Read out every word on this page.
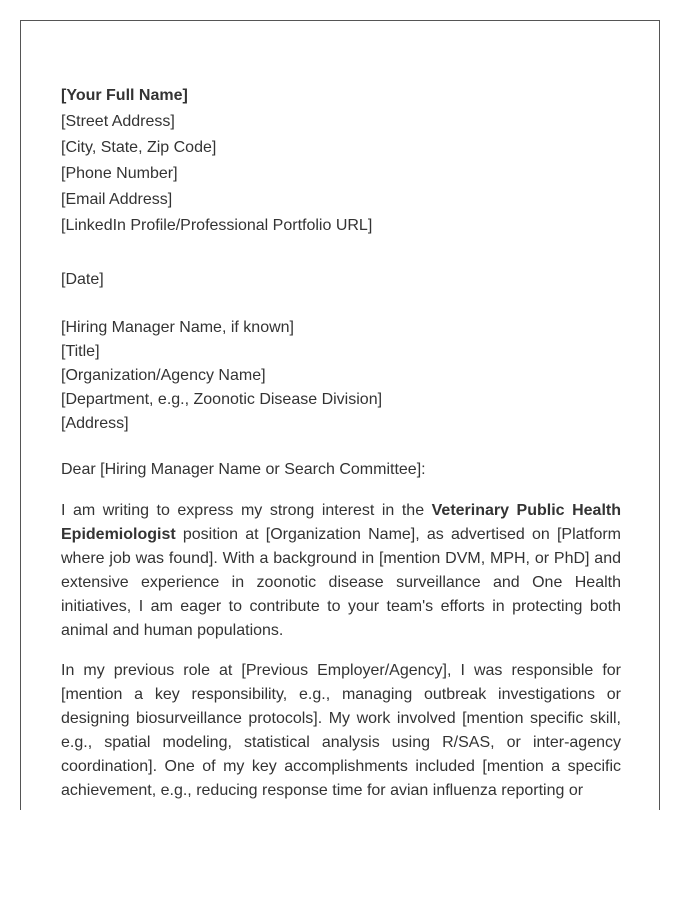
[Your Full Name]
[Street Address]
[City, State, Zip Code]
[Phone Number]
[Email Address]
[LinkedIn Profile/Professional Portfolio URL]
[Date]
[Hiring Manager Name, if known]
[Title]
[Organization/Agency Name]
[Department, e.g., Zoonotic Disease Division]
[Address]

Dear [Hiring Manager Name or Search Committee]:

I am writing to express my strong interest in the Veterinary Public Health Epidemiologist position at [Organization Name], as advertised on [Platform where job was found]. With a background in [mention DVM, MPH, or PhD] and extensive experience in zoonotic disease surveillance and One Health initiatives, I am eager to contribute to your team's efforts in protecting both animal and human populations.

In my previous role at [Previous Employer/Agency], I was responsible for [mention a key responsibility, e.g., managing outbreak investigations or designing biosurveillance protocols]. My work involved [mention specific skill, e.g., spatial modeling, statistical analysis using R/SAS, or inter-agency coordination]. One of my key accomplishments included [mention a specific achievement, e.g., reducing response time for avian influenza reporting or
